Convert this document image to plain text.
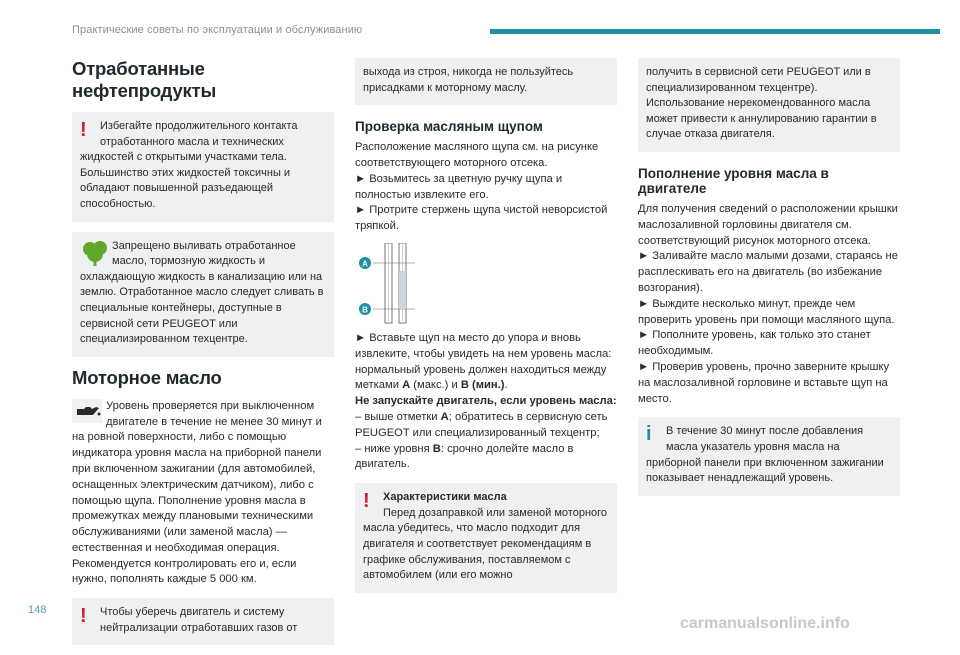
Практические советы по эксплуатации и обслуживанию
Отработанные нефтепродукты
!	Избегайте продолжительного контакта отработанного масла и технических жидкостей с открытыми участками тела. Большинство этих жидкостей токсичны и обладают повышенной разъедающей способностью.

Запрещено выливать отработанное масло, тормозную жидкость и охлаждающую жидкость в канализацию или на землю. Отработанное масло следует сливать в специальные контейнеры, доступные в сервисной сети PEUGEOT или специализированном техцентре.

Моторное масло

Уровень проверяется при выключенном двигателе в течение не менее 30 минут и на ровной поверхности, либо с помощью индикатора уровня масла на приборной панели при включенном зажигании (для автомобилей, оснащенных электрическим датчиком), либо с помощью щупа. Пополнение уровня масла в промежутках между плановыми техническими обслуживаниями (или заменой масла) — естественная и необходимая операция. Рекомендуется контролировать его и, если нужно, пополнять каждые 5 000 км.

!	Чтобы уберечь двигатель и систему нейтрализации отработавших газов от

выхода из строя, никогда не пользуйтесь присадками к моторному маслу.

Проверка масляным щупом

Расположение масляного щупа см. на рисунке соответствующего моторного отсека.

► Возьмитесь за цветную ручку щупа и полностью извлеките его.

► Протрите стержень щупа чистой неворсистой тряпкой.

A
B

► Вставьте щуп на место до упора и вновь извлеките, чтобы увидеть на нем уровень масла: нормальный уровень должен находиться между метками A (макс.) и B (мин.).

Не запускайте двигатель, если уровень масла:

– выше отметки A; обратитесь в сервисную сеть PEUGEOT или специализированный техцентр;

– ниже уровня B: срочно долейте масло в двигатель.

!	Характеристики масла

Перед дозаправкой или заменой моторного масла убедитесь, что масло подходит для двигателя и соответствует рекомендациям в графике обслуживания, поставляемом с автомобилем (или его можно

получить в сервисной сети PEUGEOT или в специализированном техцентре). Использование нерекомендованного масла может привести к аннулированию гарантии в случае отказа двигателя.

Пополнение уровня масла в двигателе

Для получения сведений о расположении крышки маслозаливной горловины двигателя см. соответствующий рисунок моторного отсека.

► Заливайте масло малыми дозами, стараясь не расплескивать его на двигатель (во избежание возгорания).

► Выждите несколько минут, прежде чем проверить уровень при помощи масляного щупа.

► Пополните уровень, как только это станет необходимым.

► Проверив уровень, прочно заверните крышку на маслозаливной горловине и вставьте щуп на место.

i	В течение 30 минут после добавления масла указатель уровня масла на приборной панели при включенном зажигании показывает ненадлежащий уровень.

148
carmanualsonline.info
